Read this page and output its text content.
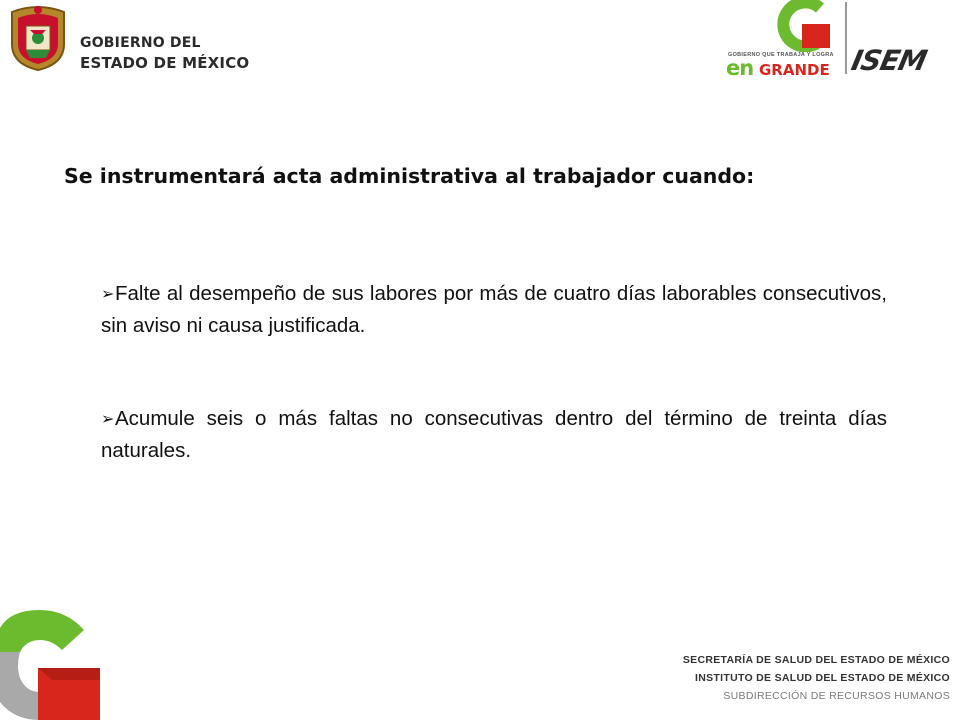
GOBIERNO DEL
ESTADO DE MÉXICO	GOBIERNO QUE TRABAJA Y LOGRA
en GRANDE ISEM
Se instrumentará acta administrativa al trabajador cuando:
➢Falte al desempeño de sus labores por más de cuatro días laborables consecutivos, sin aviso ni causa justificada.
➢Acumule seis o más faltas no consecutivas dentro del término de treinta días naturales.
SECRETARÍA DE SALUD DEL ESTADO DE MÉXICO
INSTITUTO DE SALUD DEL ESTADO DE MÉXICO
SUBDIRECCIÓN DE RECURSOS HUMANOS
